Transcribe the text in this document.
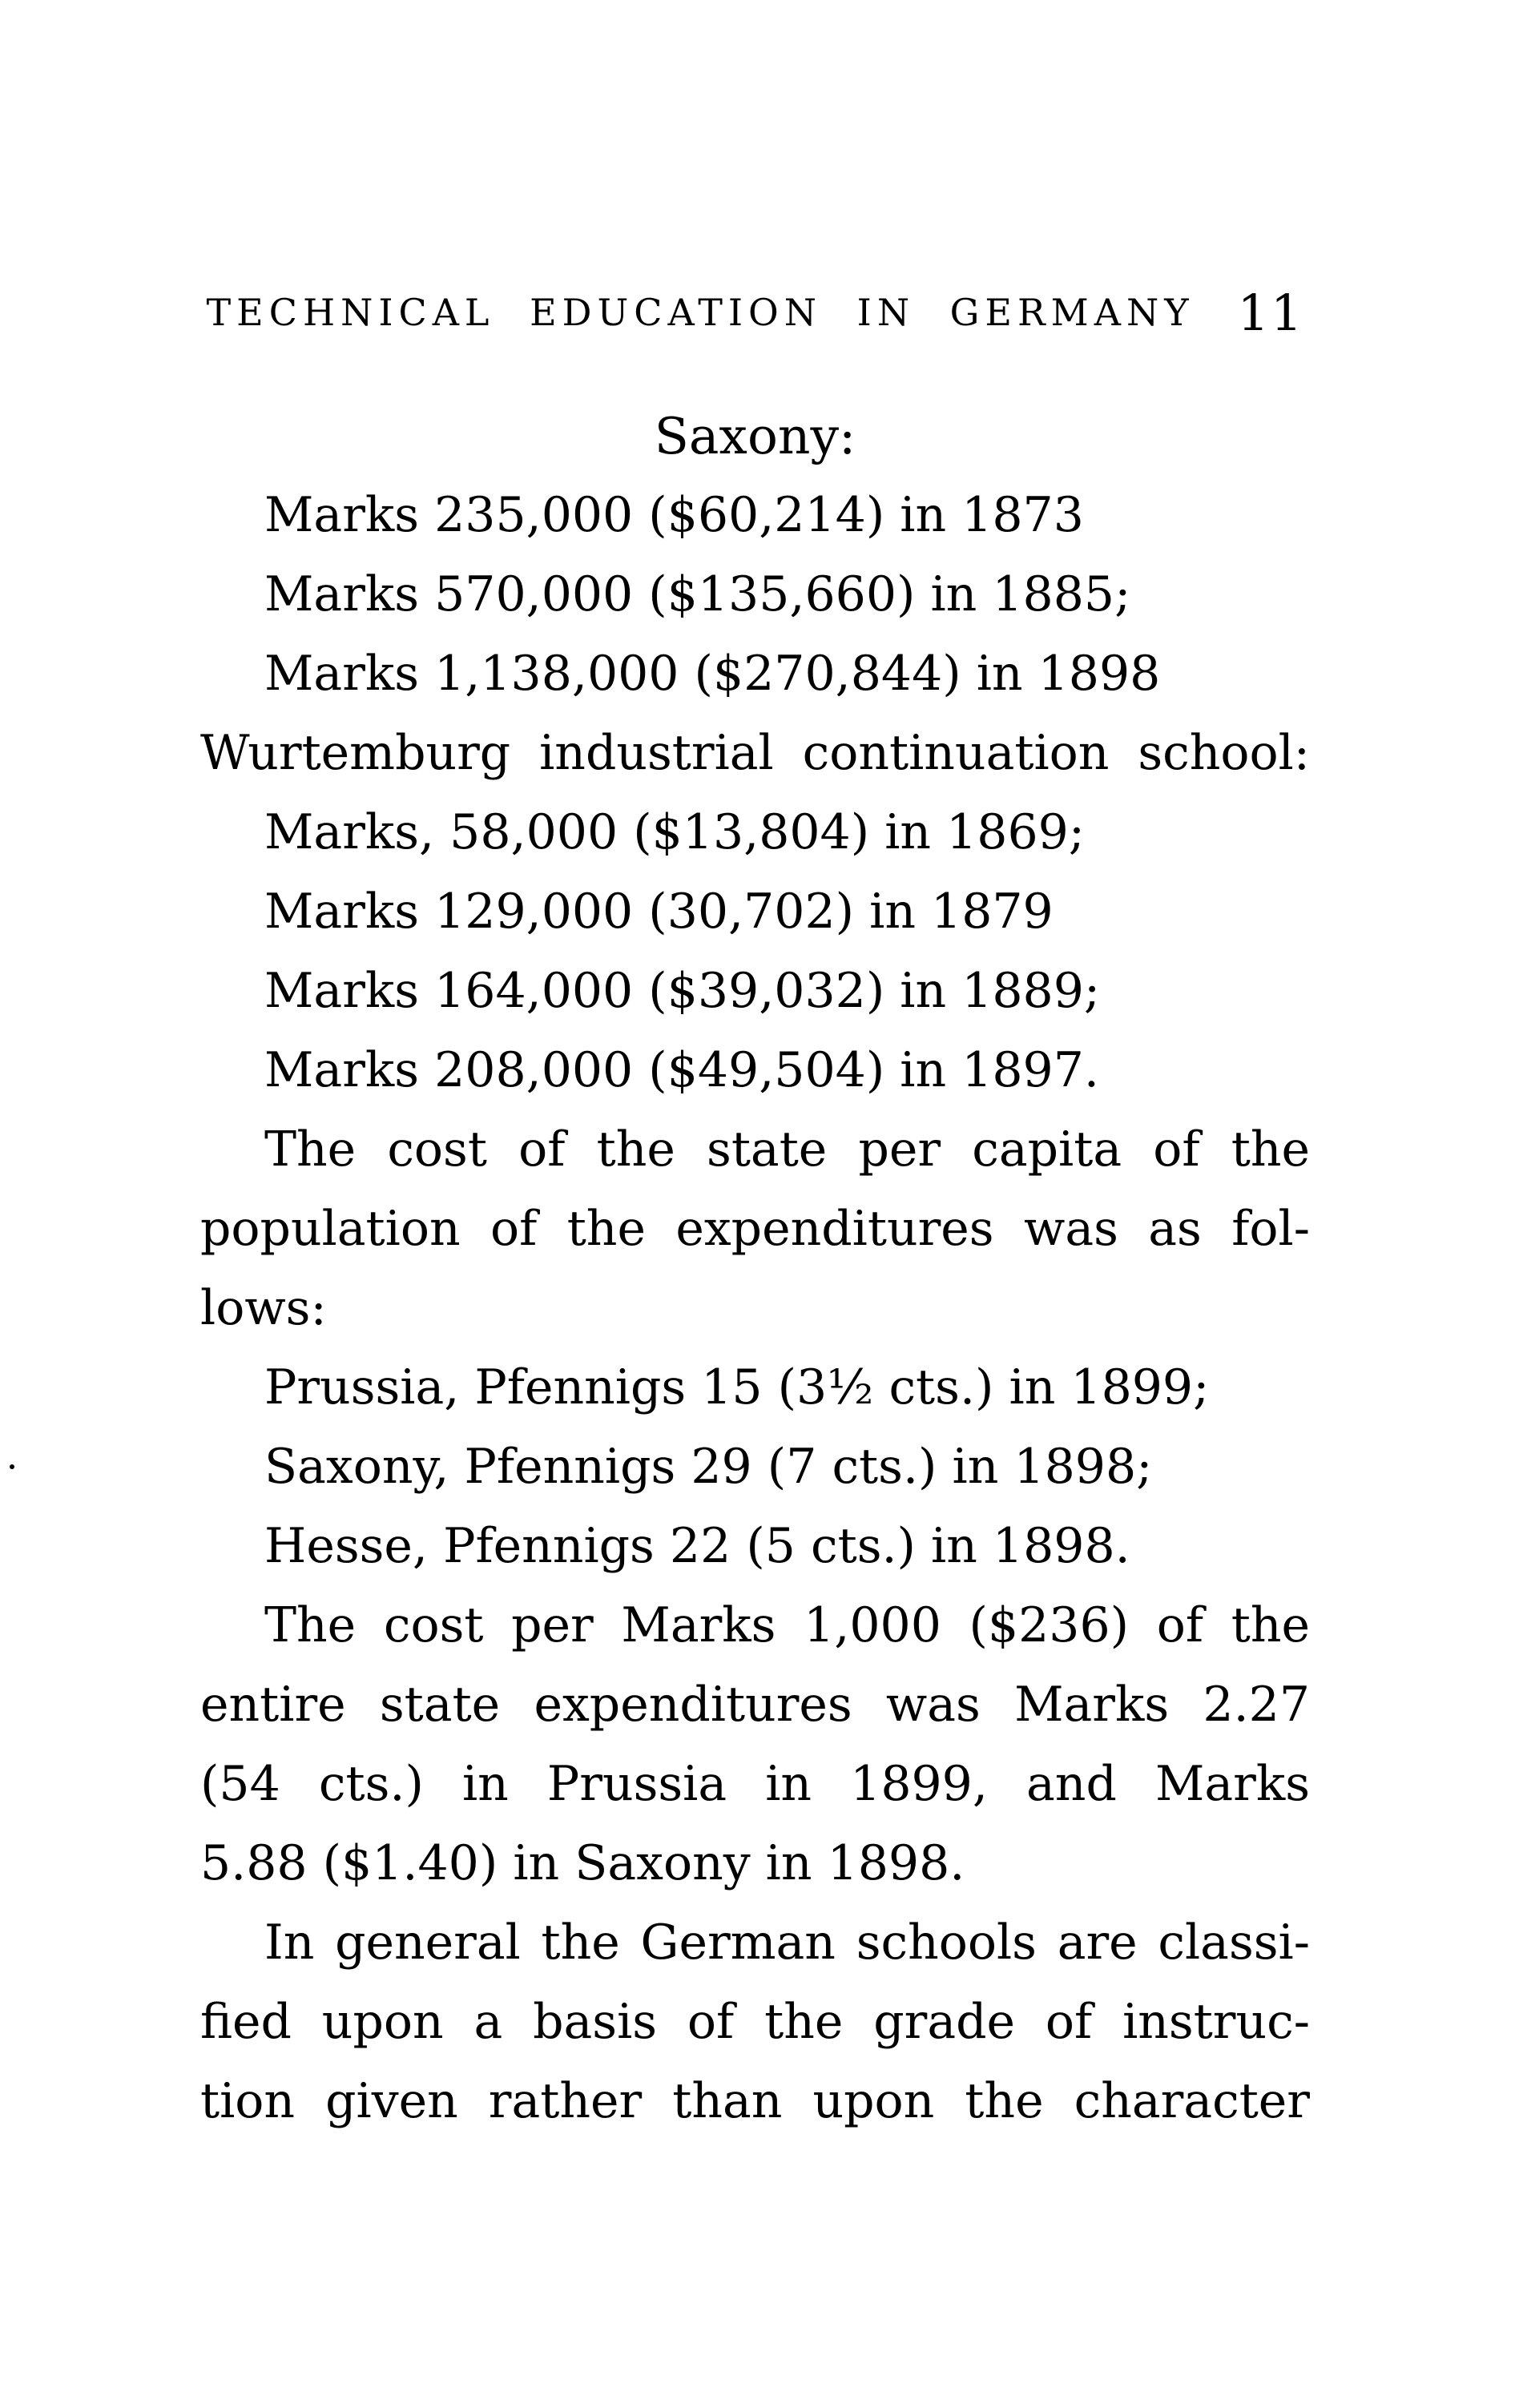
TECHNICAL EDUCATION IN GERMANY 11
Saxony:
Marks 235,000 ($60,214) in 1873
Marks 570,000 ($135,660) in 1885;
Marks 1,138,000 ($270,844) in 1898
Wurtemburg industrial continuation school:
Marks, 58,000 ($13,804) in 1869;
Marks 129,000 (30,702) in 1879
Marks 164,000 ($39,032) in 1889;
Marks 208,000 ($49,504) in 1897.
The cost of the state per capita of the
population of the expenditures was as fol-
lows:
Prussia, Pfennigs 15 (3½ cts.) in 1899;
Saxony, Pfennigs 29 (7 cts.) in 1898;
Hesse, Pfennigs 22 (5 cts.) in 1898.
The cost per Marks 1,000 ($236) of the
entire state expenditures was Marks 2.27
(54 cts.) in Prussia in 1899, and Marks
5.88 ($1.40) in Saxony in 1898.
In general the German schools are classi-
fied upon a basis of the grade of instruc-
tion given rather than upon the character
